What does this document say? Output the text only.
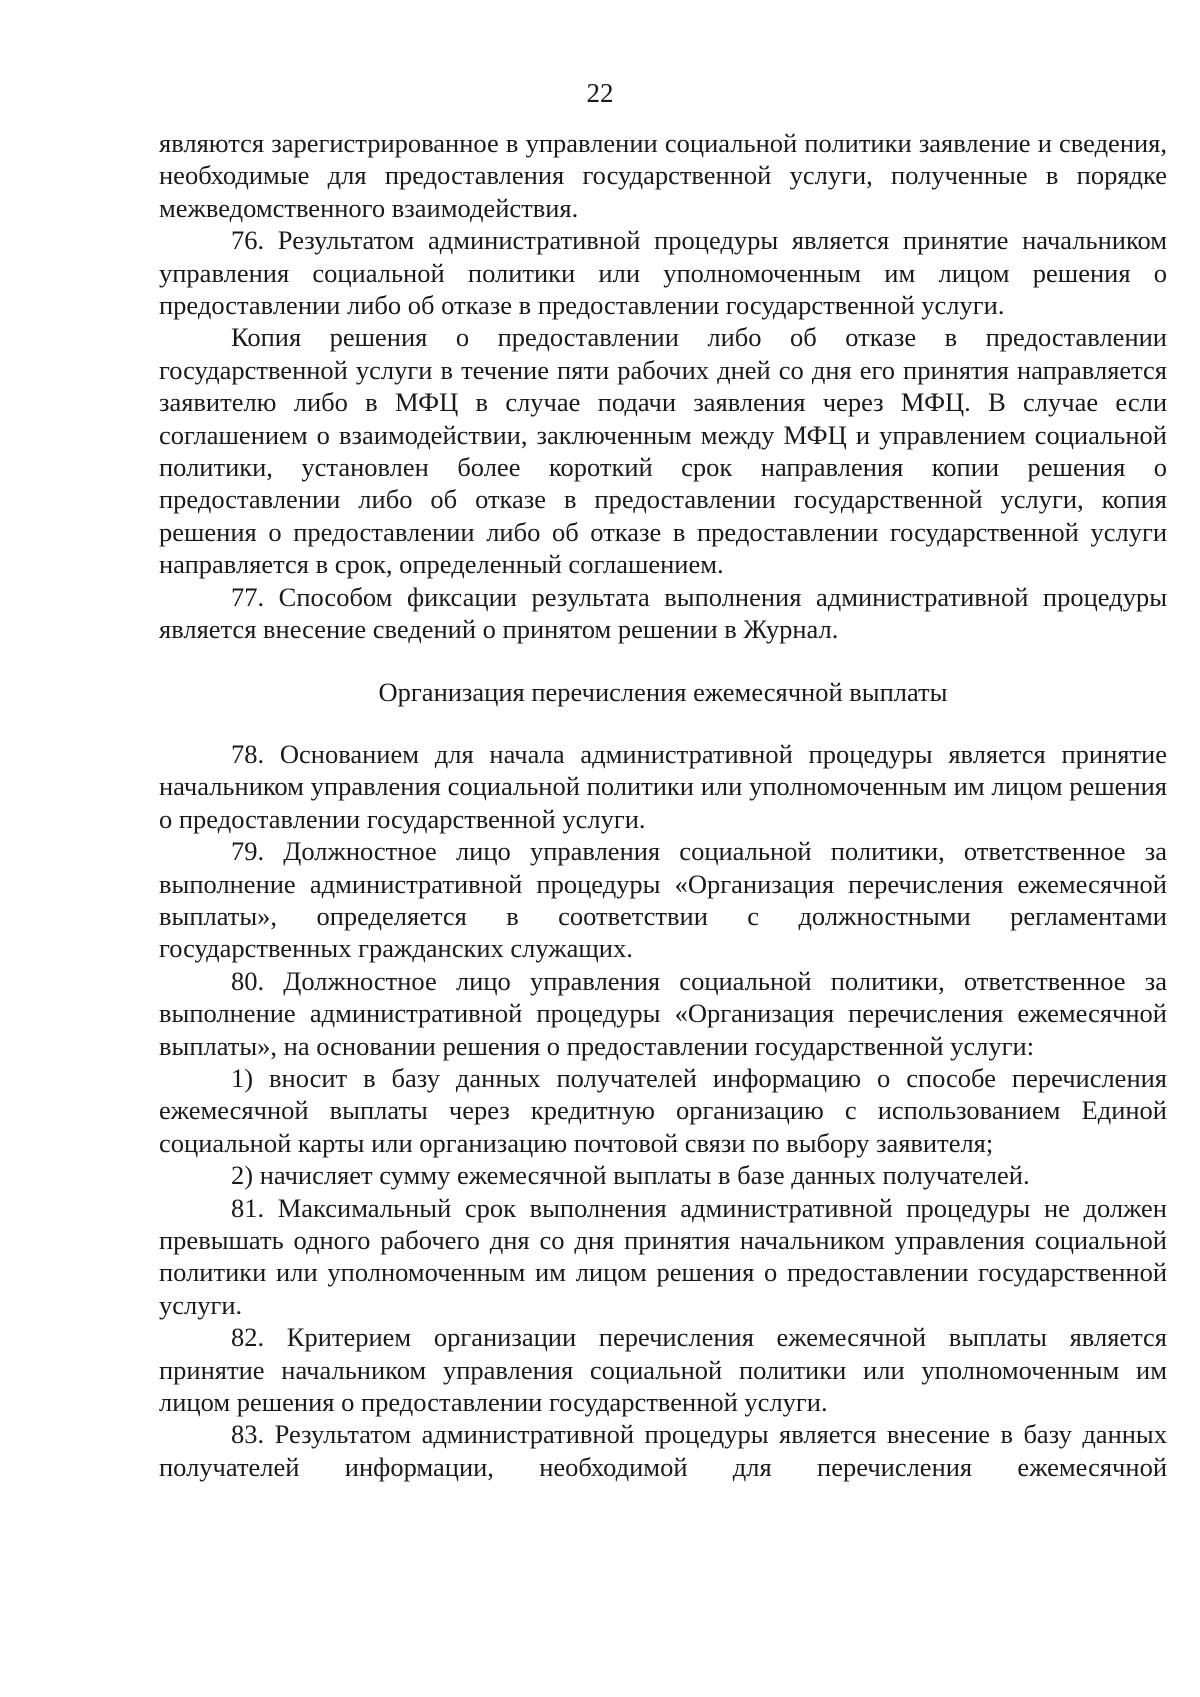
22

являются зарегистрированное в управлении социальной политики заявление и сведения, необходимые для предоставления государственной услуги, полученные в порядке межведомственного взаимодействия.

76. Результатом административной процедуры является принятие начальником управления социальной политики или уполномоченным им лицом решения о предоставлении либо об отказе в предоставлении государственной услуги.

Копия решения о предоставлении либо об отказе в предоставлении государственной услуги в течение пяти рабочих дней со дня его принятия направляется заявителю либо в МФЦ в случае подачи заявления через МФЦ. В случае если соглашением о взаимодействии, заключенным между МФЦ и управлением социальной политики, установлен более короткий срок направления копии решения о предоставлении либо об отказе в предоставлении государственной услуги, копия решения о предоставлении либо об отказе в предоставлении государственной услуги направляется в срок, определенный соглашением.

77. Способом фиксации результата выполнения административной процедуры является внесение сведений о принятом решении в Журнал.

Организация перечисления ежемесячной выплаты

78. Основанием для начала административной процедуры является принятие начальником управления социальной политики или уполномоченным им лицом решения о предоставлении государственной услуги.

79. Должностное лицо управления социальной политики, ответственное за выполнение административной процедуры «Организация перечисления ежемесячной выплаты», определяется в соответствии с должностными регламентами государственных гражданских служащих.

80. Должностное лицо управления социальной политики, ответственное за выполнение административной процедуры «Организация перечисления ежемесячной выплаты», на основании решения о предоставлении государственной услуги:

1) вносит в базу данных получателей информацию о способе перечисления ежемесячной выплаты через кредитную организацию с использованием Единой социальной карты или организацию почтовой связи по выбору заявителя;

2) начисляет сумму ежемесячной выплаты в базе данных получателей.

81. Максимальный срок выполнения административной процедуры не должен превышать одного рабочего дня со дня принятия начальником управления социальной политики или уполномоченным им лицом решения о предоставлении государственной услуги.

82. Критерием организации перечисления ежемесячной выплаты является принятие начальником управления социальной политики или уполномоченным им лицом решения о предоставлении государственной услуги.

83. Результатом административной процедуры является внесение в базу данных получателей информации, необходимой для перечисления ежемесячной
